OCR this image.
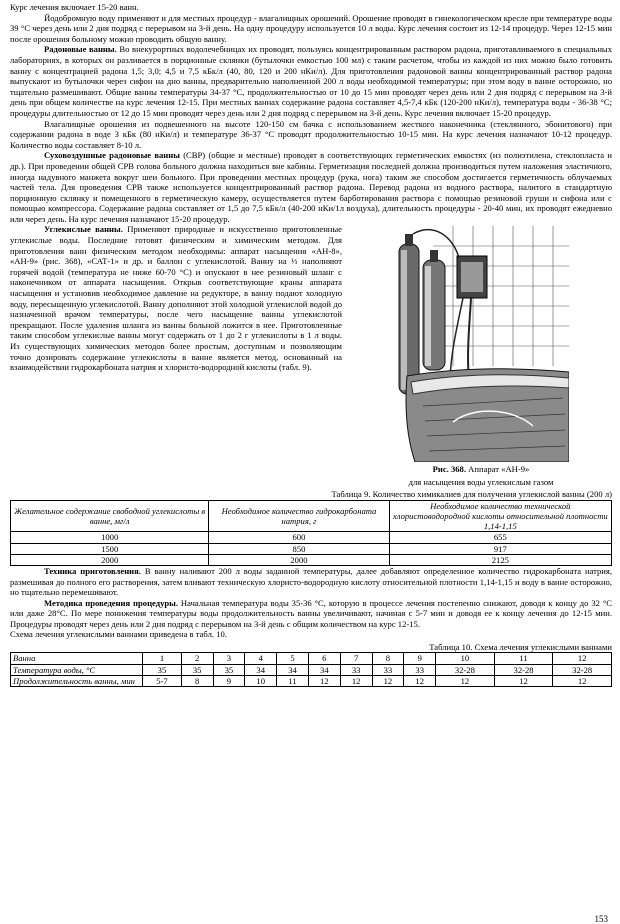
Курс лечения включает 15-20 ванн.

Йодобромную воду применяют и для местных процедур - влагалищных орошений. Орошение проводят в гинекологическом кресле при температуре воды 39 °С через день или 2 дня подряд с перерывом на 3-й день. На одну процедуру используется 10 л воды. Курс лечения состоит из 12-14 процедур. Через 12-15 мин после орошения больному можно проводить общую ванну.

Радоновые ванны. Во внекурортных водолечебницах их проводят, пользуясь концентрированным раствором радона, приготавливаемого в специальных лабораториях, в которых он разливается в порционные склянки (бутылочки емкостью 100 мл) с таким расчетом, чтобы из каждой из них можно было готовить ванну с концентрацией радона 1,5; 3,0; 4,5 и 7,5 кБк/л (40, 80, 120 и 200 нКи/л). Для приготовления радоновой ванны концентрированный раствор радона выпускают из бутылочки через сифон на дно ванны, предварительно наполненной 200 л воды необходимой температуры; при этом воду в ванне осторожно, но тщательно размешивают. Общие ванны температуры 34-37 °С, продолжительностью от 10 до 15 мин проводят через день или 2 дня подряд с перерывом на 3-й день при общем количестве на курс лечения 12-15. При местных ваннах содержание радона составляет 4,5-7,4 кБк (120-200 нКи/л), температура воды - 36-38 °С; процедуры длительностью от 12 до 15 мин проводят через день или 2 дня подряд с перерывом на 3-й день. Курс лечения включает 15-20 процедур.

Влагалищные орошения из подвешенного на высоте 120-150 см бачка с использованием жесткого наконечника (стеклянного, эбонитового) при содержании радона в воде 3 кБк (80 нКи/л) и температуре 36-37 °С проводят продолжительностью 10-15 мин. На курс лечения назначают 10-12 процедур. Количество воды составляет 8-10 л.

Суховоздушные радоновые ванны (СВР) (общие и местные) проводят в соответствующих герметических емкостях (из полиэтилена, стеклопласта и др.). При проведении общей СРВ голова больного должна находиться вне кабины. Герметизация последней должна производиться путем наложения эластичного, иногда надувного манжета вокруг шеи больного. При проведении местных процедур (рука, нога) таким же способом достигается герметичность облучаемых частей тела. Для проведения СРВ также используется концентрированный раствор радона. Перевод радона из водного раствора, налитого в стандартную порционную склянку и помещенного в герметическую камеру, осуществляется путем барботирования раствора с помощью резиновой груши и сифона или с помощью компрессора. Содержание радона составляет от 1,5 до 7,5 кБк/л (40-200 нКи/1л воздуха), длительность процедуры - 20-40 мин, их проводят ежедневно или через день. На курс лечения назначают 15-20 процедур.

Углекислые ванны. Применяют природные и искусственно приготовленные углекислые воды. Последние готовят физическим и химическим методом. Для приготовления ванн физическим методом необходимы: аппарат насыщения «АН-8», «АН-9» (рис. 368), «САТ-1» и др. и баллон с углекислотой. Ванну на ⅓ наполняют горячей водой (температура не ниже 60-70 °С) и опускают в нее резиновый шланг с наконечником от аппарата насыщения. Открыв соответствующие краны аппарата насыщения и установив необходимое давление на редукторе, в ванну подают холодную воду, пересыщенную углекислотой. Ванну дополняют этой холодной углекислой водой до назначенной врачом температуры, после чего насыщение ванны углекислотой прекращают. После удаления шланга из ванны больной ложится в нее. Приготовленные таким способом углекислые ванны могут содержать от 1 до 2 г углекислоты в 1 л воды. Из существующих химических методов более простым, доступным и позволяющим точно дозировать содержание углекислоты в ванне является метод, основанный на взаимодействии гидрокарбоната натрия и хлористо-водородной кислоты (табл. 9).

Рис. 368. Аппарат «АН-9»
для насыщения воды углекислым газом
Таблица 9. Количество химикалиев для получения углекислой ванны (200 л)
Желательное содержание свободной углекислоты в ванне, мг/л	Необходимое количество гидрокарбоната натрия, г	Необходимое количество технической хлористоводородной кислоты относительной плотности 1,14-1,15
1000	600	655
1500	850	917
2000	2000	2125

Техника приготовления. В ванну наливают 200 л воды заданной температуры, далее добавляют определенное количество гидрокарбоната натрия, размешивая до полного его растворения, затем вливают техническую хлористо-водородную кислоту относительной плотности 1,14-1,15 и воду в ванне осторожно, но тщательно перемешивают.

Методика проведения процедуры. Начальная температура воды 35-36 °С, которую в процессе лечения постепенно снижают, доводя к концу до 32 °С или даже 28°С. По мере понижения температуры воды продолжительность ванны увеличивают, начиная с 5-7 мин и доводя ее к концу лечения до 12-15 мин. Процедуры проводят через день или 2 дня подряд с перерывом на 3-й день с общим количеством на курс 12-15.

Схема лечения углекислыми ваннами приведена в табл. 10.

Таблица 10. Схема лечения углекислыми ваннами
Ванна	1	2	3	4	5	6	7	8	9	10	11	12
Температура воды, °С	35	35	35	34	34	34	33	33	33	32-28	32-28	32-28
Продолжительность ванны, мин	5-7	8	9	10	11	12	12	12	12	12	12	12
153
